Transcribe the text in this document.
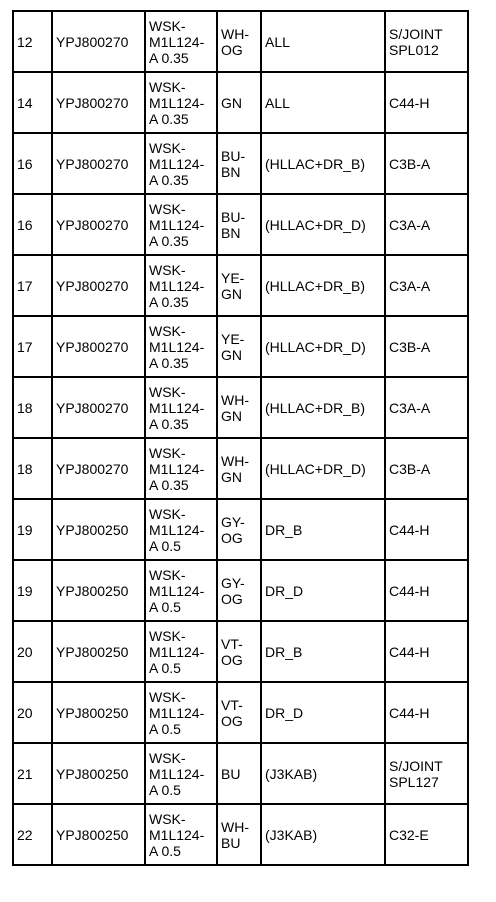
12	YPJ800270	WSK-
M1L124-
A 0.35	WH-
OG	ALL	S/JOINT
SPL012
14	YPJ800270	WSK-
M1L124-
A 0.35	GN	ALL	C44-H
16	YPJ800270	WSK-
M1L124-
A 0.35	BU-
BN	(HLLAC+DR_B)	C3B-A
16	YPJ800270	WSK-
M1L124-
A 0.35	BU-
BN	(HLLAC+DR_D)	C3A-A
17	YPJ800270	WSK-
M1L124-
A 0.35	YE-
GN	(HLLAC+DR_B)	C3A-A
17	YPJ800270	WSK-
M1L124-
A 0.35	YE-
GN	(HLLAC+DR_D)	C3B-A
18	YPJ800270	WSK-
M1L124-
A 0.35	WH-
GN	(HLLAC+DR_B)	C3A-A
18	YPJ800270	WSK-
M1L124-
A 0.35	WH-
GN	(HLLAC+DR_D)	C3B-A
19	YPJ800250	WSK-
M1L124-
A 0.5	GY-
OG	DR_B	C44-H
19	YPJ800250	WSK-
M1L124-
A 0.5	GY-
OG	DR_D	C44-H
20	YPJ800250	WSK-
M1L124-
A 0.5	VT-
OG	DR_B	C44-H
20	YPJ800250	WSK-
M1L124-
A 0.5	VT-
OG	DR_D	C44-H
21	YPJ800250	WSK-
M1L124-
A 0.5	BU	(J3KAB)	S/JOINT
SPL127
22	YPJ800250	WSK-
M1L124-
A 0.5	WH-
BU	(J3KAB)	C32-E
